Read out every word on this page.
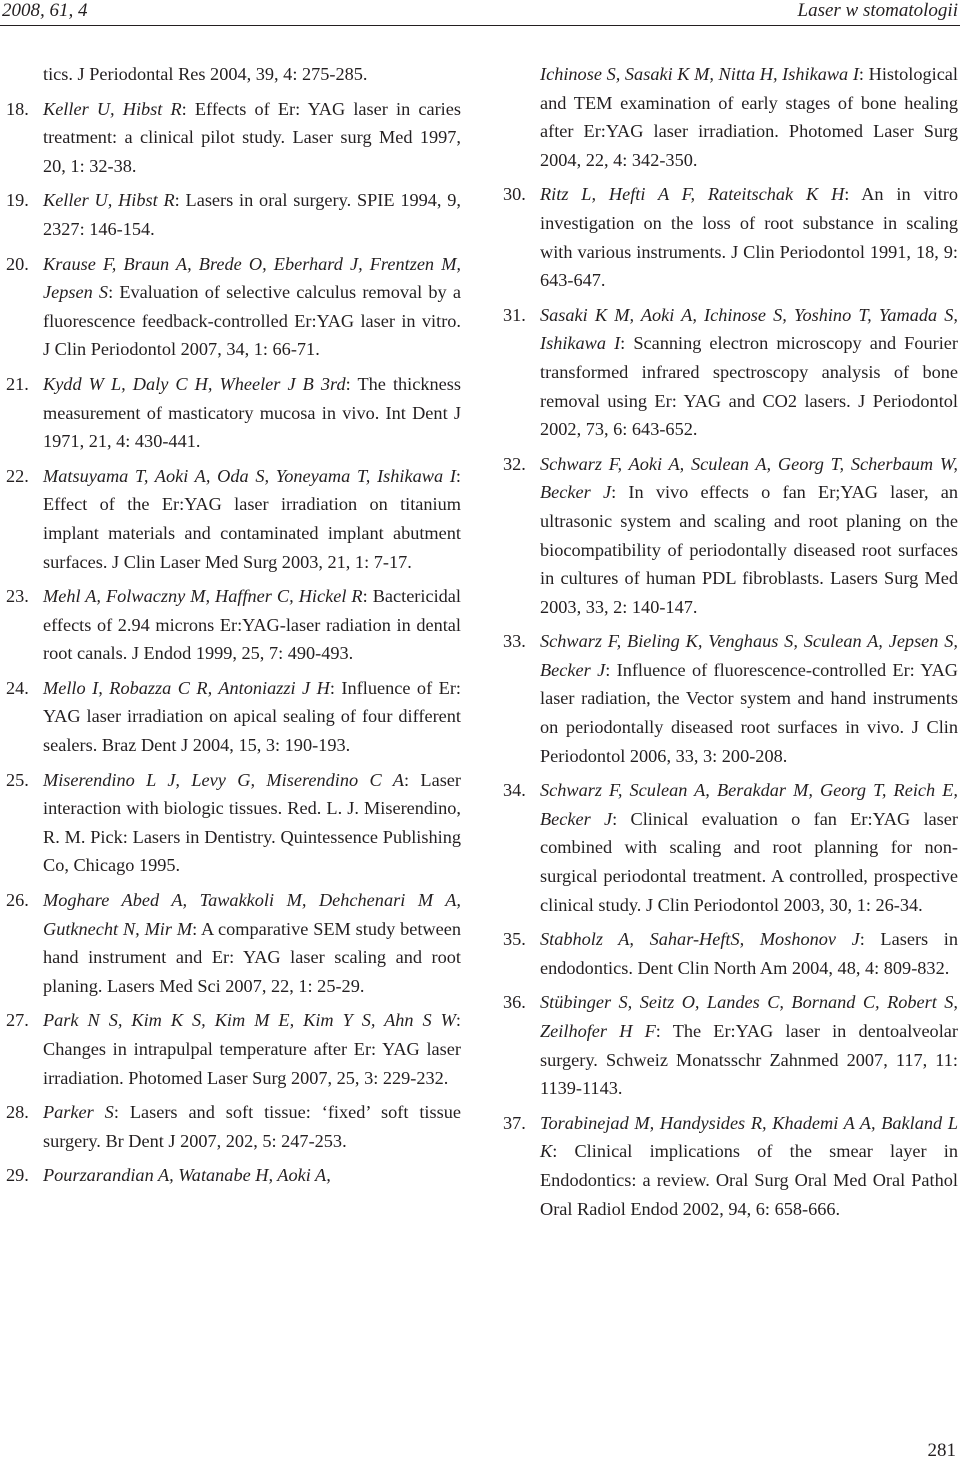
2008, 61, 4	Laser w stomatologii
tics. J Periodontal Res 2004, 39, 4: 275-285.
18. Keller U, Hibst R: Effects of Er: YAG laser in caries treatment: a clinical pilot study. Laser surg Med 1997, 20, 1: 32-38.
19. Keller U, Hibst R: Lasers in oral surgery. SPIE 1994, 9, 2327: 146-154.
20. Krause F, Braun A, Brede O, Eberhard J, Frentzen M, Jepsen S: Evaluation of selective calculus removal by a fluorescence feedback-controlled Er:YAG laser in vitro. J Clin Periodontol 2007, 34, 1: 66-71.
21. Kydd W L, Daly C H, Wheeler J B 3rd: The thickness measurement of masticatory mucosa in vivo. Int Dent J 1971, 21, 4: 430-441.
22. Matsuyama T, Aoki A, Oda S, Yoneyama T, Ishikawa I: Effect of the Er:YAG laser irradiation on titanium implant materials and contaminated implant abutment surfaces. J Clin Laser Med Surg 2003, 21, 1: 7-17.
23. Mehl A, Folwaczny M, Haffner C, Hickel R: Bactericidal effects of 2.94 microns Er:YAG-laser radiation in dental root canals. J Endod 1999, 25, 7: 490-493.
24. Mello I, Robazza C R, Antoniazzi J H: Influence of Er: YAG laser irradiation on apical sealing of four different sealers. Braz Dent J 2004, 15, 3: 190-193.
25. Miserendino L J, Levy G, Miserendino C A: Laser interaction with biologic tissues. Red. L. J. Miserendino, R. M. Pick: Lasers in Dentistry. Quintessence Publishing Co, Chicago 1995.
26. Moghare Abed A, Tawakkoli M, Dehchenari M A, Gutknecht N, Mir M: A comparative SEM study between hand instrument and Er: YAG laser scaling and root planing. Lasers Med Sci 2007, 22, 1: 25-29.
27. Park N S, Kim K S, Kim M E, Kim Y S, Ahn S W: Changes in intrapulpal temperature after Er: YAG laser irradiation. Photomed Laser Surg 2007, 25, 3: 229-232.
28. Parker S: Lasers and soft tissue: ‘fixed’ soft tissue surgery. Br Dent J 2007, 202, 5: 247-253.
29. Pourzarandian A, Watanabe H, Aoki A,
Ichinose S, Sasaki K M, Nitta H, Ishikawa I: Histological and TEM examination of early stages of bone healing after Er:YAG laser irradiation. Photomed Laser Surg 2004, 22, 4: 342-350.
30. Ritz L, Hefti A F, Rateitschak K H: An in vitro investigation on the loss of root substance in scaling with various instruments. J Clin Periodontol 1991, 18, 9: 643-647.
31. Sasaki K M, Aoki A, Ichinose S, Yoshino T, Yamada S, Ishikawa I: Scanning electron microscopy and Fourier transformed infrared spectroscopy analysis of bone removal using Er: YAG and CO2 lasers. J Periodontol 2002, 73, 6: 643-652.
32. Schwarz F, Aoki A, Sculean A, Georg T, Scherbaum W, Becker J: In vivo effects o fan Er;YAG laser, an ultrasonic system and scaling and root planing on the biocompatibility of periodontally diseased root surfaces in cultures of human PDL fibroblasts. Lasers Surg Med 2003, 33, 2: 140-147.
33. Schwarz F, Bieling K, Venghaus S, Sculean A, Jepsen S, Becker J: Influence of fluorescence-controlled Er: YAG laser radiation, the Vector system and hand instruments on periodontally diseased root surfaces in vivo. J Clin Periodontol 2006, 33, 3: 200-208.
34. Schwarz F, Sculean A, Berakdar M, Georg T, Reich E, Becker J: Clinical evaluation o fan Er:YAG laser combined with scaling and root planning for non-surgical periodontal treatment. A controlled, prospective clinical study. J Clin Periodontol 2003, 30, 1: 26-34.
35. Stabholz A, Sahar-HeftS, Moshonov J: Lasers in endodontics. Dent Clin North Am 2004, 48, 4: 809-832.
36. Stübinger S, Seitz O, Landes C, Bornand C, Robert S, Zeilhofer H F: The Er:YAG laser in dentoalveolar surgery. Schweiz Monatsschr Zahnmed 2007, 117, 11: 1139-1143.
37. Torabinejad M, Handysides R, Khademi A A, Bakland L K: Clinical implications of the smear layer in Endodontics: a review. Oral Surg Oral Med Oral Pathol Oral Radiol Endod 2002, 94, 6: 658-666.
281
